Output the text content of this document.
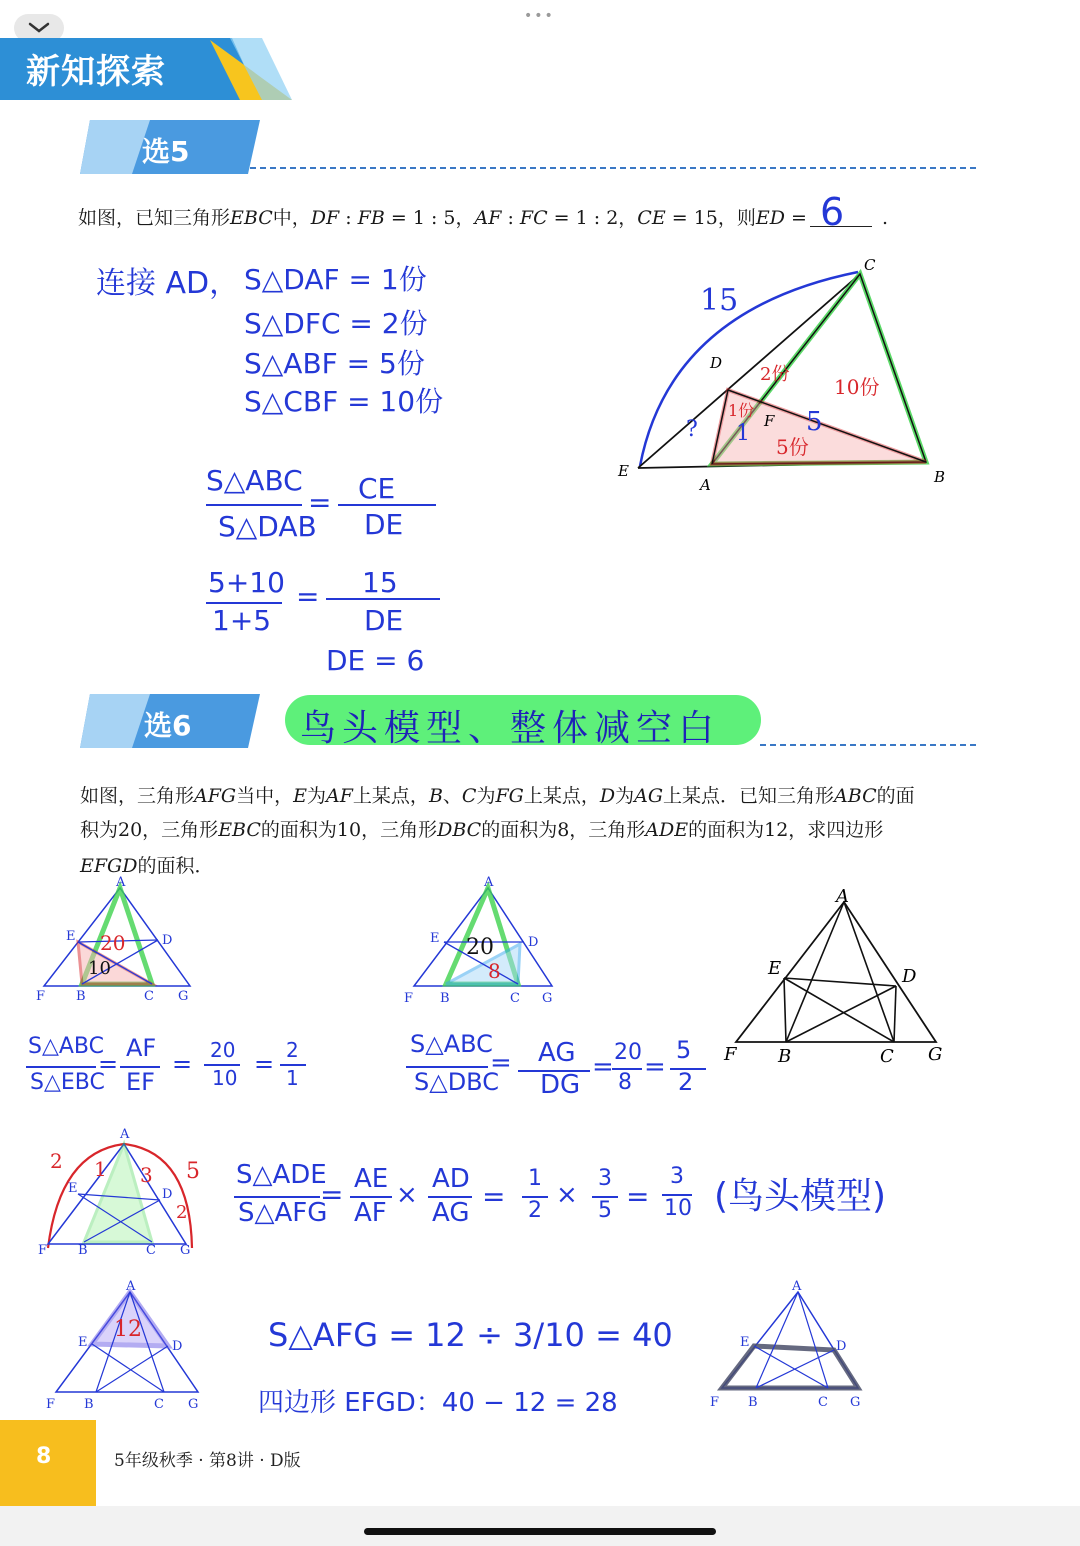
•••
新知探索
选5
如图，已知三角形EBC中，DF : FB = 1 : 5，AF : FC = 1 : 2，CE = 15，则ED = 6 .
连接 AD， S△DAF = 1份
S△DFC = 2份
S△ABF = 5份
S△CBF = 10份
S△ABC
S△DAB
= CE
DE
5+10
1+5
= 15
DE
DE = 6
C
D
E
A	B
F
15
? 1
1份
2份
10份
5
5份
选6	鸟头模型、整体减空白
如图，三角形AFG当中，E为AF上某点，B、C为FG上某点，D为AG上某点．已知三角形ABC的面
积为20，三角形EBC的面积为10，三角形DBC的面积为8，三角形ADE的面积为12，求四边形
EFGD的面积．
A
E	D
F B	C G
20
10
A
E	D
F B	C G
20
8
A
E	D
F B	C G
S△ABC
S△EBC
=
AF
EF
= 20
10 = 2
1
S△ABC
S△DBC
= AG
DG
= 20
8
=
5
2
A
E	D
F B	C G
2 1 3 5
2
S△ADE
S△AFG
= AE
AF
×
AD
AG =
1
2
×
3
5 =
3
10 (鸟头模型)
A
E	D
F B	C G
12	S△AFG = 12 ÷ 3/10 = 40
四边形 EFGD：40 − 12 = 28
A
E	D
F B	C G
8	5年级秋季 · 第8讲 · D版
